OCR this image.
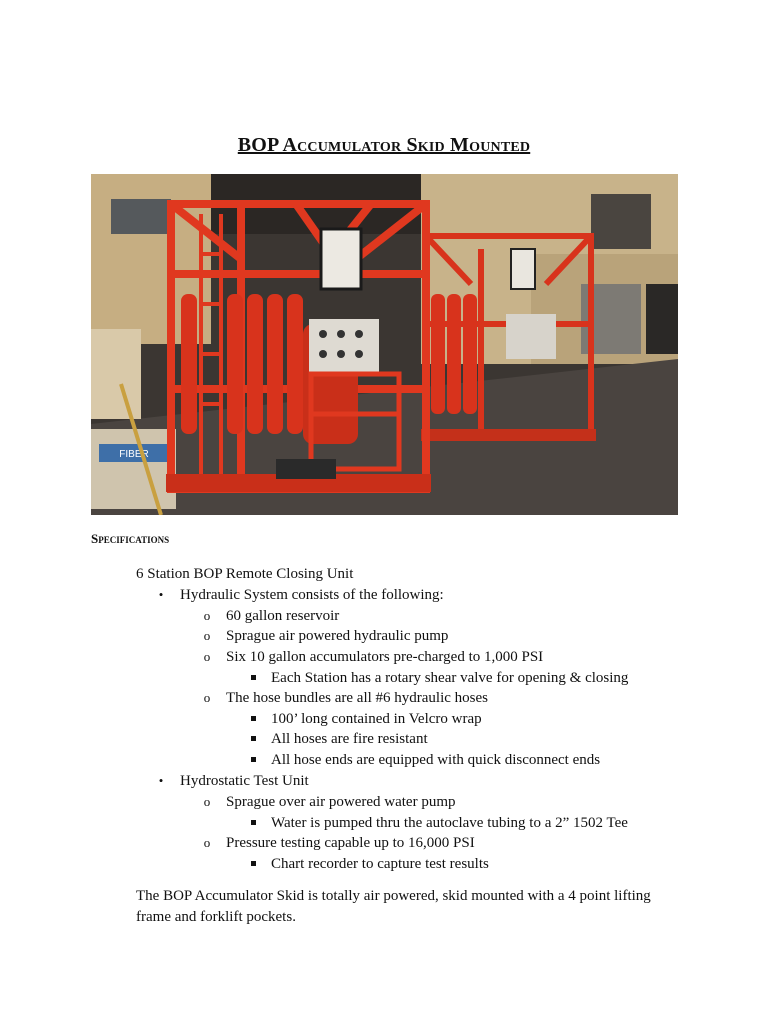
BOP Accumulator Skid Mounted
FIBER
Specifications
6 Station BOP Remote Closing Unit
• Hydraulic System consists of the following:
o 60 gallon reservoir
o Sprague air powered hydraulic pump
o Six 10 gallon accumulators pre-charged to 1,000 PSI
Each Station has a rotary shear valve for opening & closing
o The hose bundles are all #6 hydraulic hoses
100’ long contained in Velcro wrap
All hoses are fire resistant
All hose ends are equipped with quick disconnect ends
• Hydrostatic Test Unit
o Sprague over air powered water pump
Water is pumped thru the autoclave tubing to a 2” 1502 Tee
o Pressure testing capable up to 16,000 PSI
Chart recorder to capture test results
The BOP Accumulator Skid is totally air powered, skid mounted with a 4 point lifting frame and forklift pockets.
